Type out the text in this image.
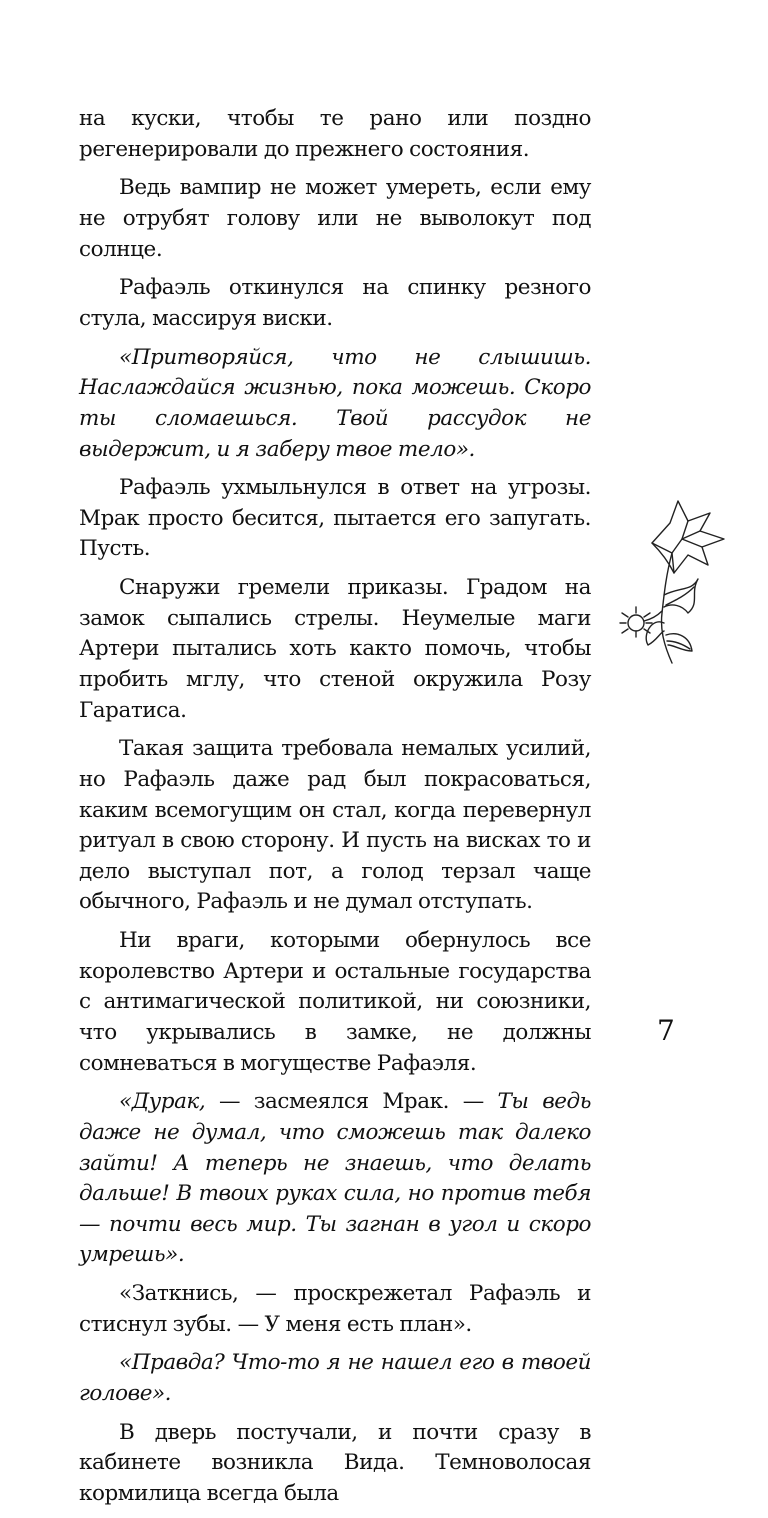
на куски, чтобы те рано или поздно регенерировали до прежнего состояния.

Ведь вампир не может умереть, если ему не отрубят голову или не выволокут под солнце.

Рафаэль откинулся на спинку резного стула, массируя виски.

«Притворяйся, что не слышишь. Наслаждайся жизнью, пока можешь. Скоро ты сломаешься. Твой рассудок не выдержит, и я заберу твое тело».

Рафаэль ухмыльнулся в ответ на угрозы. Мрак просто бесится, пытается его запугать. Пусть.

Снаружи гремели приказы. Градом на замок сыпались стрелы. Неумелые маги Артери пытались хоть както помочь, чтобы пробить мглу, что стеной окружила Розу Гаратиса.

Такая защита требовала немалых усилий, но Рафаэль даже рад был покрасоваться, каким всемогущим он стал, когда перевернул ритуал в свою сторону. И пусть на висках то и дело выступал пот, а голод терзал чаще обычного, Рафаэль и не думал отступать.

Ни враги, которыми обернулось все королевство Артери и остальные государства с антимагической политикой, ни союзники, что укрывались в замке, не должны сомневаться в могуществе Рафаэля.

«Дурак, — засмеялся Мрак. — Ты ведь даже не думал, что сможешь так далеко зайти! А теперь не знаешь, что делать дальше! В твоих руках сила, но против тебя — почти весь мир. Ты загнан в угол и скоро умрешь».

«Заткнись, — проскрежетал Рафаэль и стиснул зубы. — У меня есть план».

«Правда? Что-то я не нашел его в твоей голове».

В дверь постучали, и почти сразу в кабинете возникла Вида. Темноволосая кормилица всегда была

7
